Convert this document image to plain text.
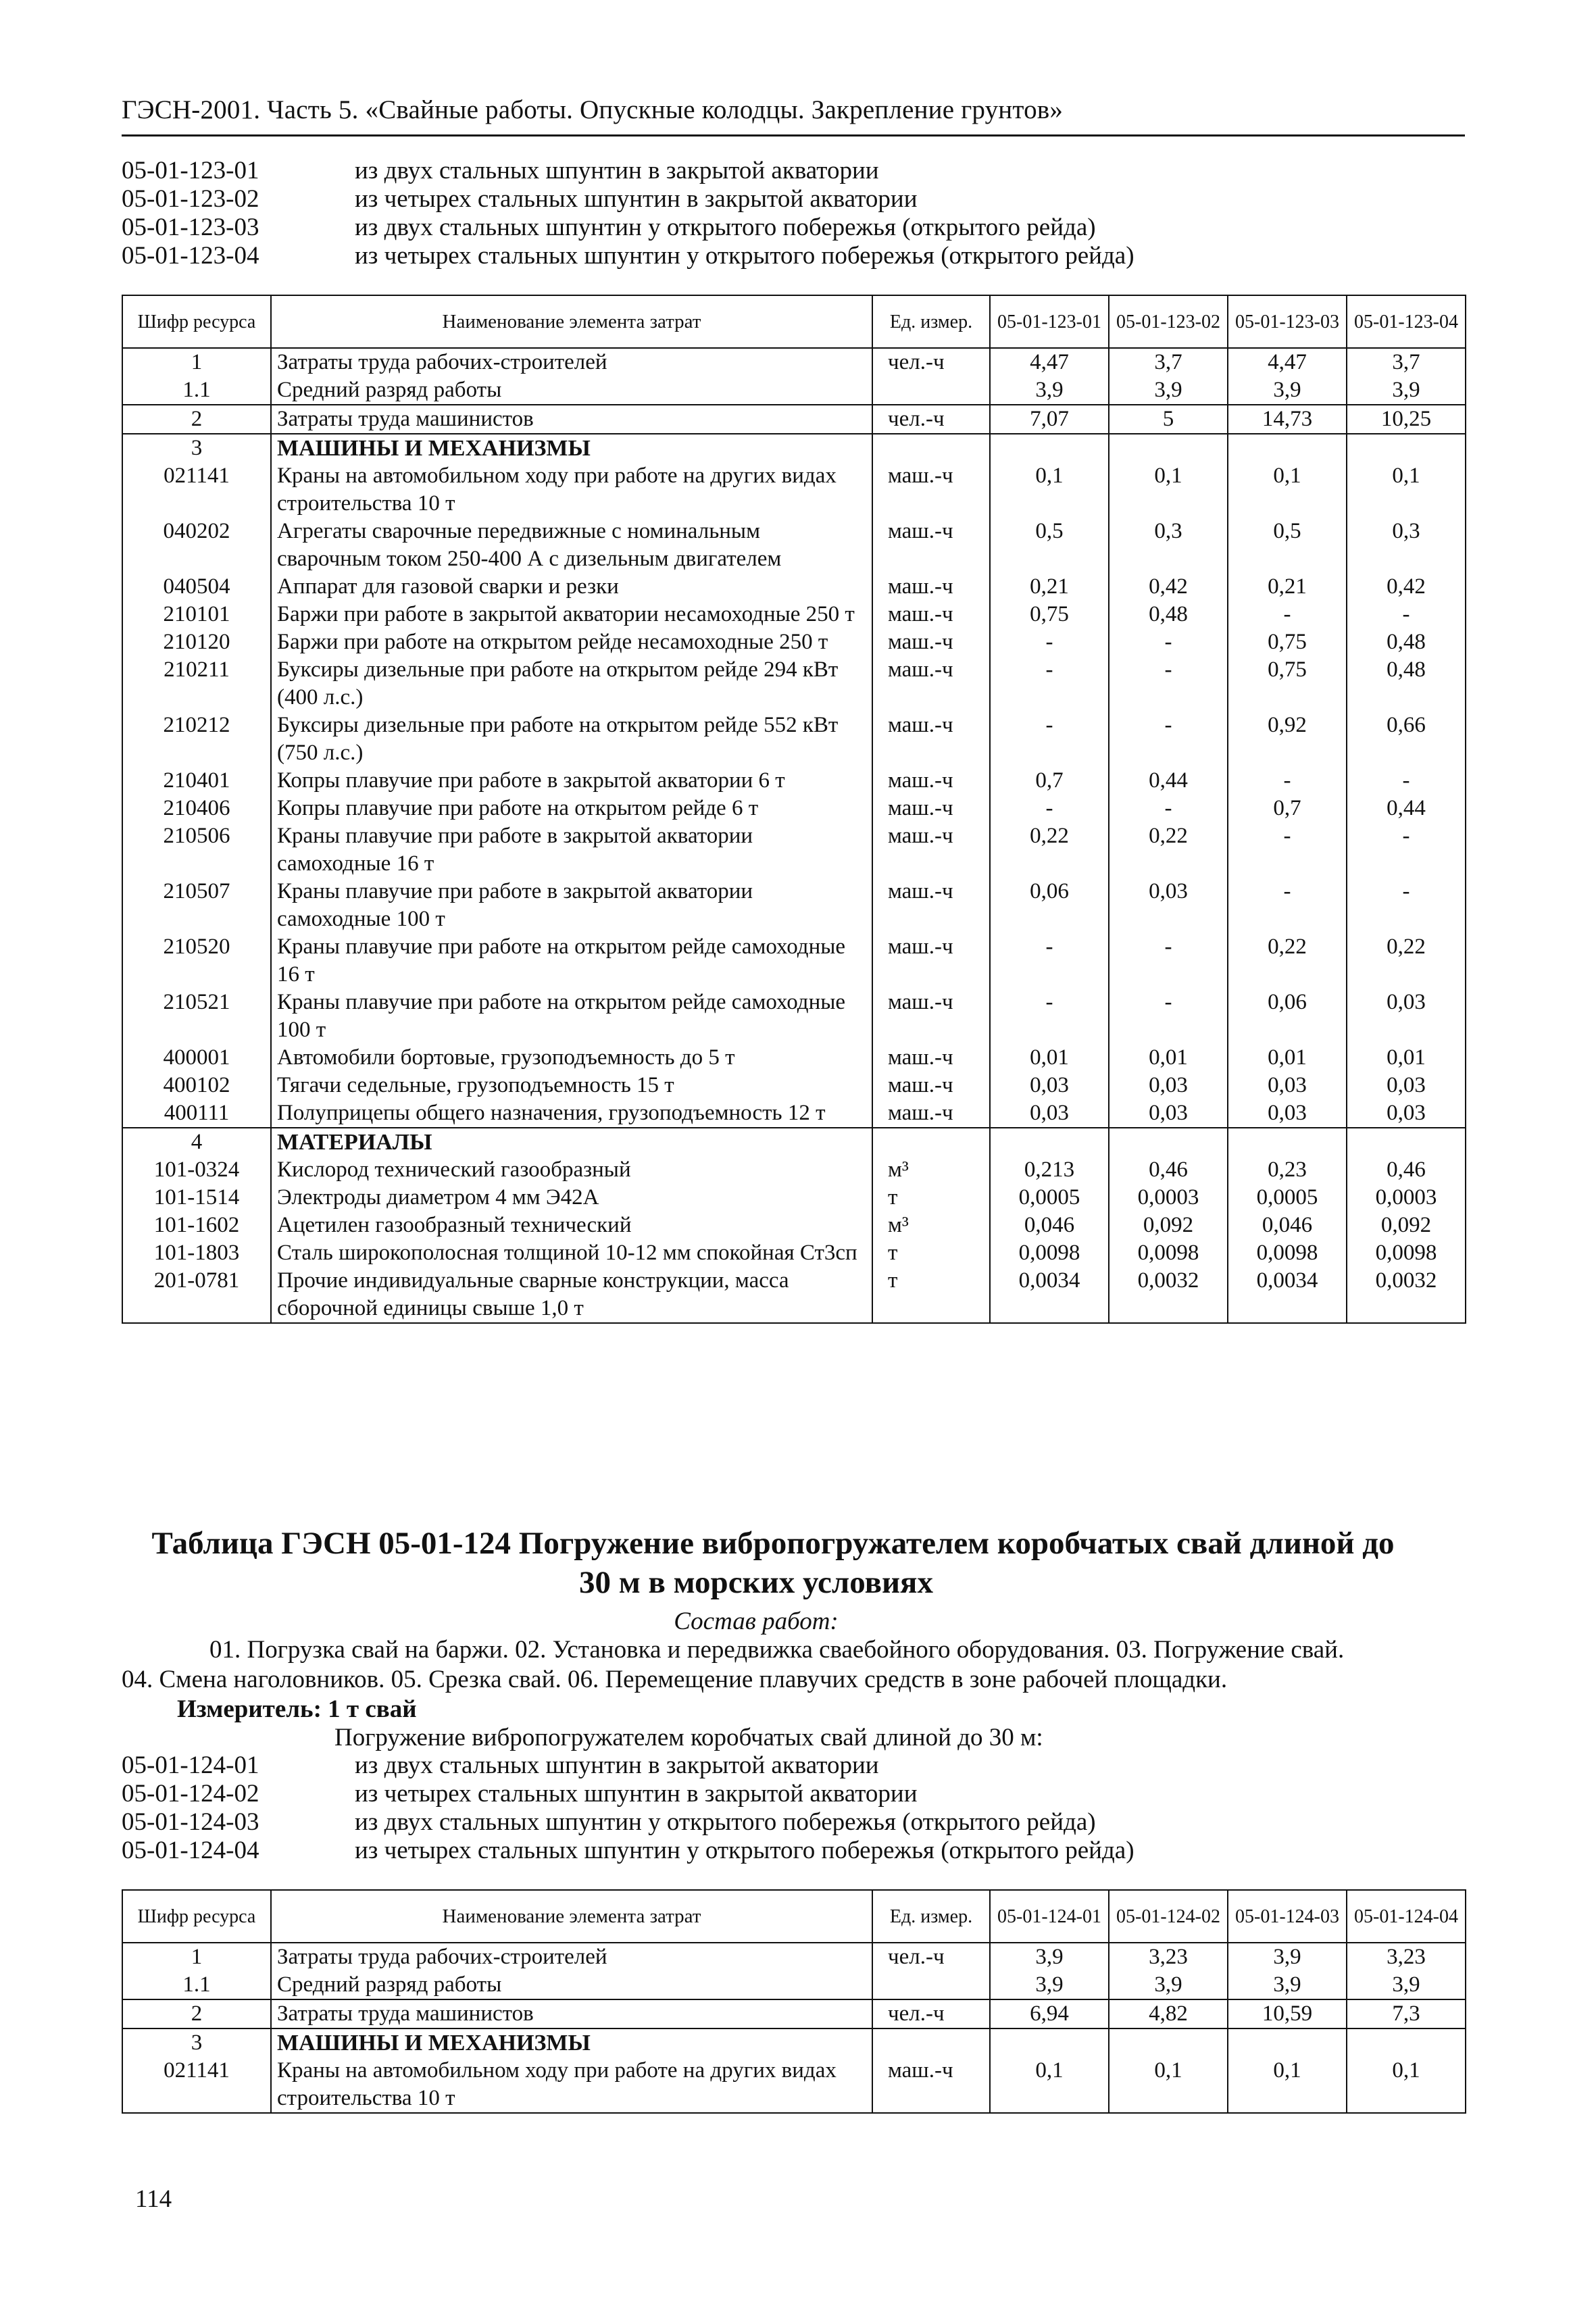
ГЭСН-2001. Часть 5. «Свайные работы. Опускные колодцы. Закрепление грунтов»
05-01-123-01	из двух стальных шпунтин в закрытой акватории
05-01-123-02	из четырех стальных шпунтин в закрытой акватории
05-01-123-03	из двух стальных шпунтин у открытого побережья (открытого рейда)
05-01-123-04	из четырех стальных шпунтин у открытого побережья (открытого рейда)
Шифр ресурса	Наименование элемента затрат	Ед. измер.	05-01-123-01	05-01-123-02	05-01-123-03	05-01-123-04
1	Затраты труда рабочих-строителей	чел.-ч	4,47	3,7	4,47	3,7
1.1	Средний разряд работы		3,9	3,9	3,9	3,9
2	Затраты труда машинистов	чел.-ч	7,07	5	14,73	10,25
3	МАШИНЫ И МЕХАНИЗМЫ					
021141	Краны на автомобильном ходу при работе на других видах строительства 10 т	маш.-ч	0,1	0,1	0,1	0,1
040202	Агрегаты сварочные передвижные с номинальным сварочным током 250-400 А с дизельным двигателем	маш.-ч	0,5	0,3	0,5	0,3
040504	Аппарат для газовой сварки и резки	маш.-ч	0,21	0,42	0,21	0,42
210101	Баржи при работе в закрытой акватории несамоходные 250 т	маш.-ч	0,75	0,48	-	-
210120	Баржи при работе на открытом рейде несамоходные 250 т	маш.-ч	-	-	0,75	0,48
210211	Буксиры дизельные при работе на открытом рейде 294 кВт (400 л.с.)	маш.-ч	-	-	0,75	0,48
210212	Буксиры дизельные при работе на открытом рейде 552 кВт (750 л.с.)	маш.-ч	-	-	0,92	0,66
210401	Копры плавучие при работе в закрытой акватории 6 т	маш.-ч	0,7	0,44	-	-
210406	Копры плавучие при работе на открытом рейде 6 т	маш.-ч	-	-	0,7	0,44
210506	Краны плавучие при работе в закрытой акватории самоходные 16 т	маш.-ч	0,22	0,22	-	-
210507	Краны плавучие при работе в закрытой акватории самоходные 100 т	маш.-ч	0,06	0,03	-	-
210520	Краны плавучие при работе на открытом рейде самоходные 16 т	маш.-ч	-	-	0,22	0,22
210521	Краны плавучие при работе на открытом рейде самоходные 100 т	маш.-ч	-	-	0,06	0,03
400001	Автомобили бортовые, грузоподъемность до 5 т	маш.-ч	0,01	0,01	0,01	0,01
400102	Тягачи седельные, грузоподъемность 15 т	маш.-ч	0,03	0,03	0,03	0,03
400111	Полуприцепы общего назначения, грузоподъемность 12 т	маш.-ч	0,03	0,03	0,03	0,03
4	МАТЕРИАЛЫ					
101-0324	Кислород технический газообразный	м³	0,213	0,46	0,23	0,46
101-1514	Электроды диаметром 4 мм Э42А	т	0,0005	0,0003	0,0005	0,0003
101-1602	Ацетилен газообразный технический	м³	0,046	0,092	0,046	0,092
101-1803	Сталь широкополосная толщиной 10-12 мм спокойная Ст3сп	т	0,0098	0,0098	0,0098	0,0098
201-0781	Прочие индивидуальные сварные конструкции, масса сборочной единицы свыше 1,0 т	т	0,0034	0,0032	0,0034	0,0032
Таблица ГЭСН 05-01-124 Погружение вибропогружателем коробчатых свай длиной до
30 м в морских условиях
Состав работ:
01. Погрузка свай на баржи. 02. Установка и передвижка сваебойного оборудования. 03. Погружение свай.
04. Смена наголовников. 05. Срезка свай. 06. Перемещение плавучих средств в зоне рабочей площадки.
Измеритель: 1 т свай
Погружение вибропогружателем коробчатых свай длиной до 30 м:
05-01-124-01	из двух стальных шпунтин в закрытой акватории
05-01-124-02	из четырех стальных шпунтин в закрытой акватории
05-01-124-03	из двух стальных шпунтин у открытого побережья (открытого рейда)
05-01-124-04	из четырех стальных шпунтин у открытого побережья (открытого рейда)
Шифр ресурса	Наименование элемента затрат	Ед. измер.	05-01-124-01	05-01-124-02	05-01-124-03	05-01-124-04
1	Затраты труда рабочих-строителей	чел.-ч	3,9	3,23	3,9	3,23
1.1	Средний разряд работы		3,9	3,9	3,9	3,9
2	Затраты труда машинистов	чел.-ч	6,94	4,82	10,59	7,3
3	МАШИНЫ И МЕХАНИЗМЫ					
021141	Краны на автомобильном ходу при работе на других видах строительства 10 т	маш.-ч	0,1	0,1	0,1	0,1
114
